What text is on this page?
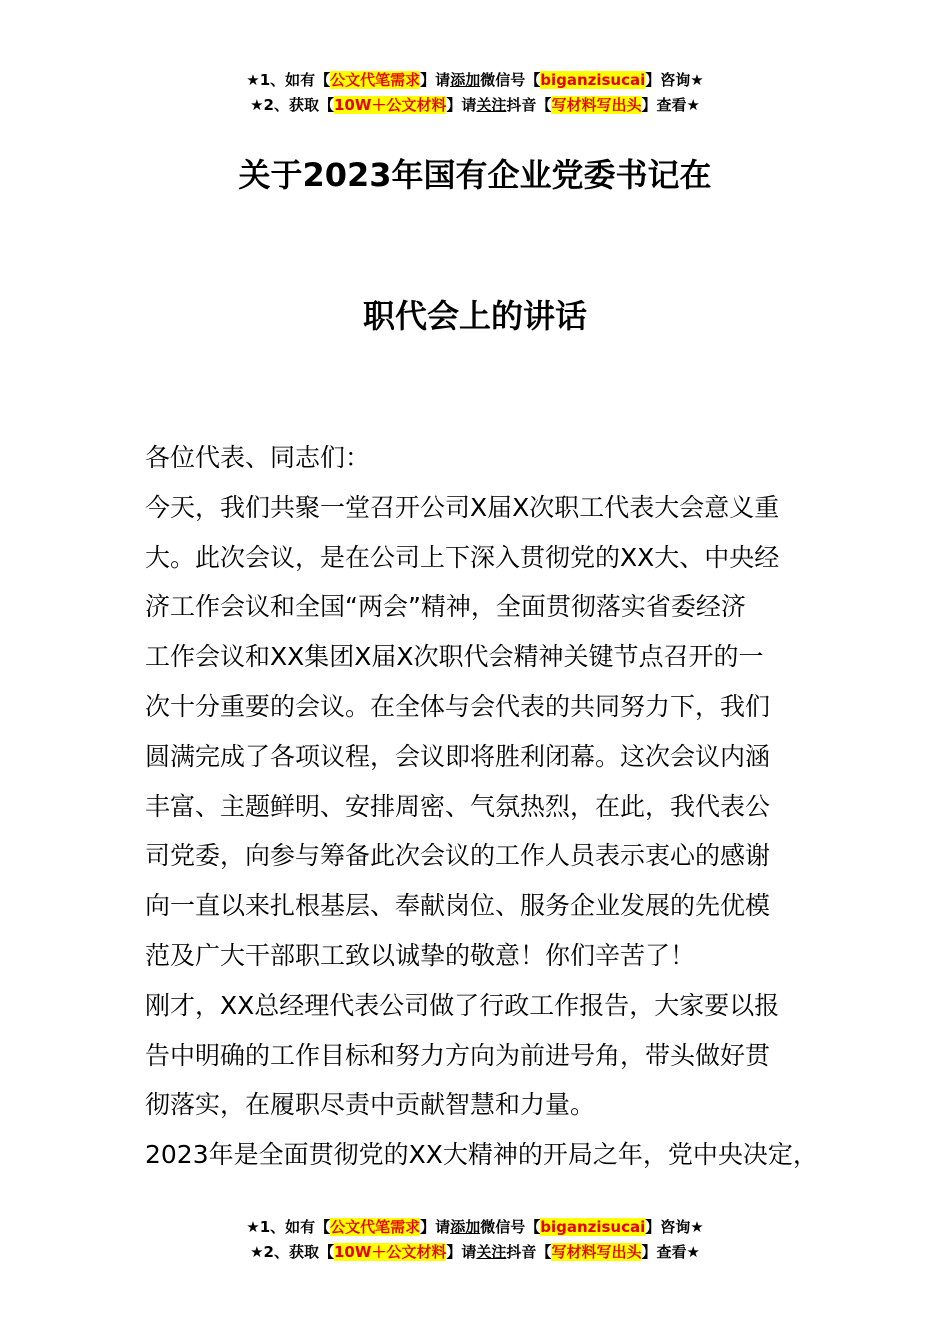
★1、如有【公文代笔需求】请添加微信号【biganzisucai】咨询★
★2、获取【10W＋公文材料】请关注抖音【写材料写出头】查看★
关于2023年国有企业党委书记在
职代会上的讲话
各位代表、同志们：
今天，我们共聚一堂召开公司X届X次职工代表大会意义重
大。此次会议，是在公司上下深入贯彻党的XX大、中央经
济工作会议和全国“两会”精神，全面贯彻落实省委经济
工作会议和XX集团X届X次职代会精神关键节点召开的一
次十分重要的会议。在全体与会代表的共同努力下，我们
圆满完成了各项议程，会议即将胜利闭幕。这次会议内涵
丰富、主题鲜明、安排周密、气氛热烈，在此，我代表公
司党委，向参与筹备此次会议的工作人员表示衷心的感谢
向一直以来扎根基层、奉献岗位、服务企业发展的先优模
范及广大干部职工致以诚挚的敬意！你们辛苦了！
刚才，XX总经理代表公司做了行政工作报告，大家要以报
告中明确的工作目标和努力方向为前进号角，带头做好贯
彻落实，在履职尽责中贡献智慧和力量。
2023年是全面贯彻党的XX大精神的开局之年，党中央决定，
★1、如有【公文代笔需求】请添加微信号【biganzisucai】咨询★
★2、获取【10W＋公文材料】请关注抖音【写材料写出头】查看★
